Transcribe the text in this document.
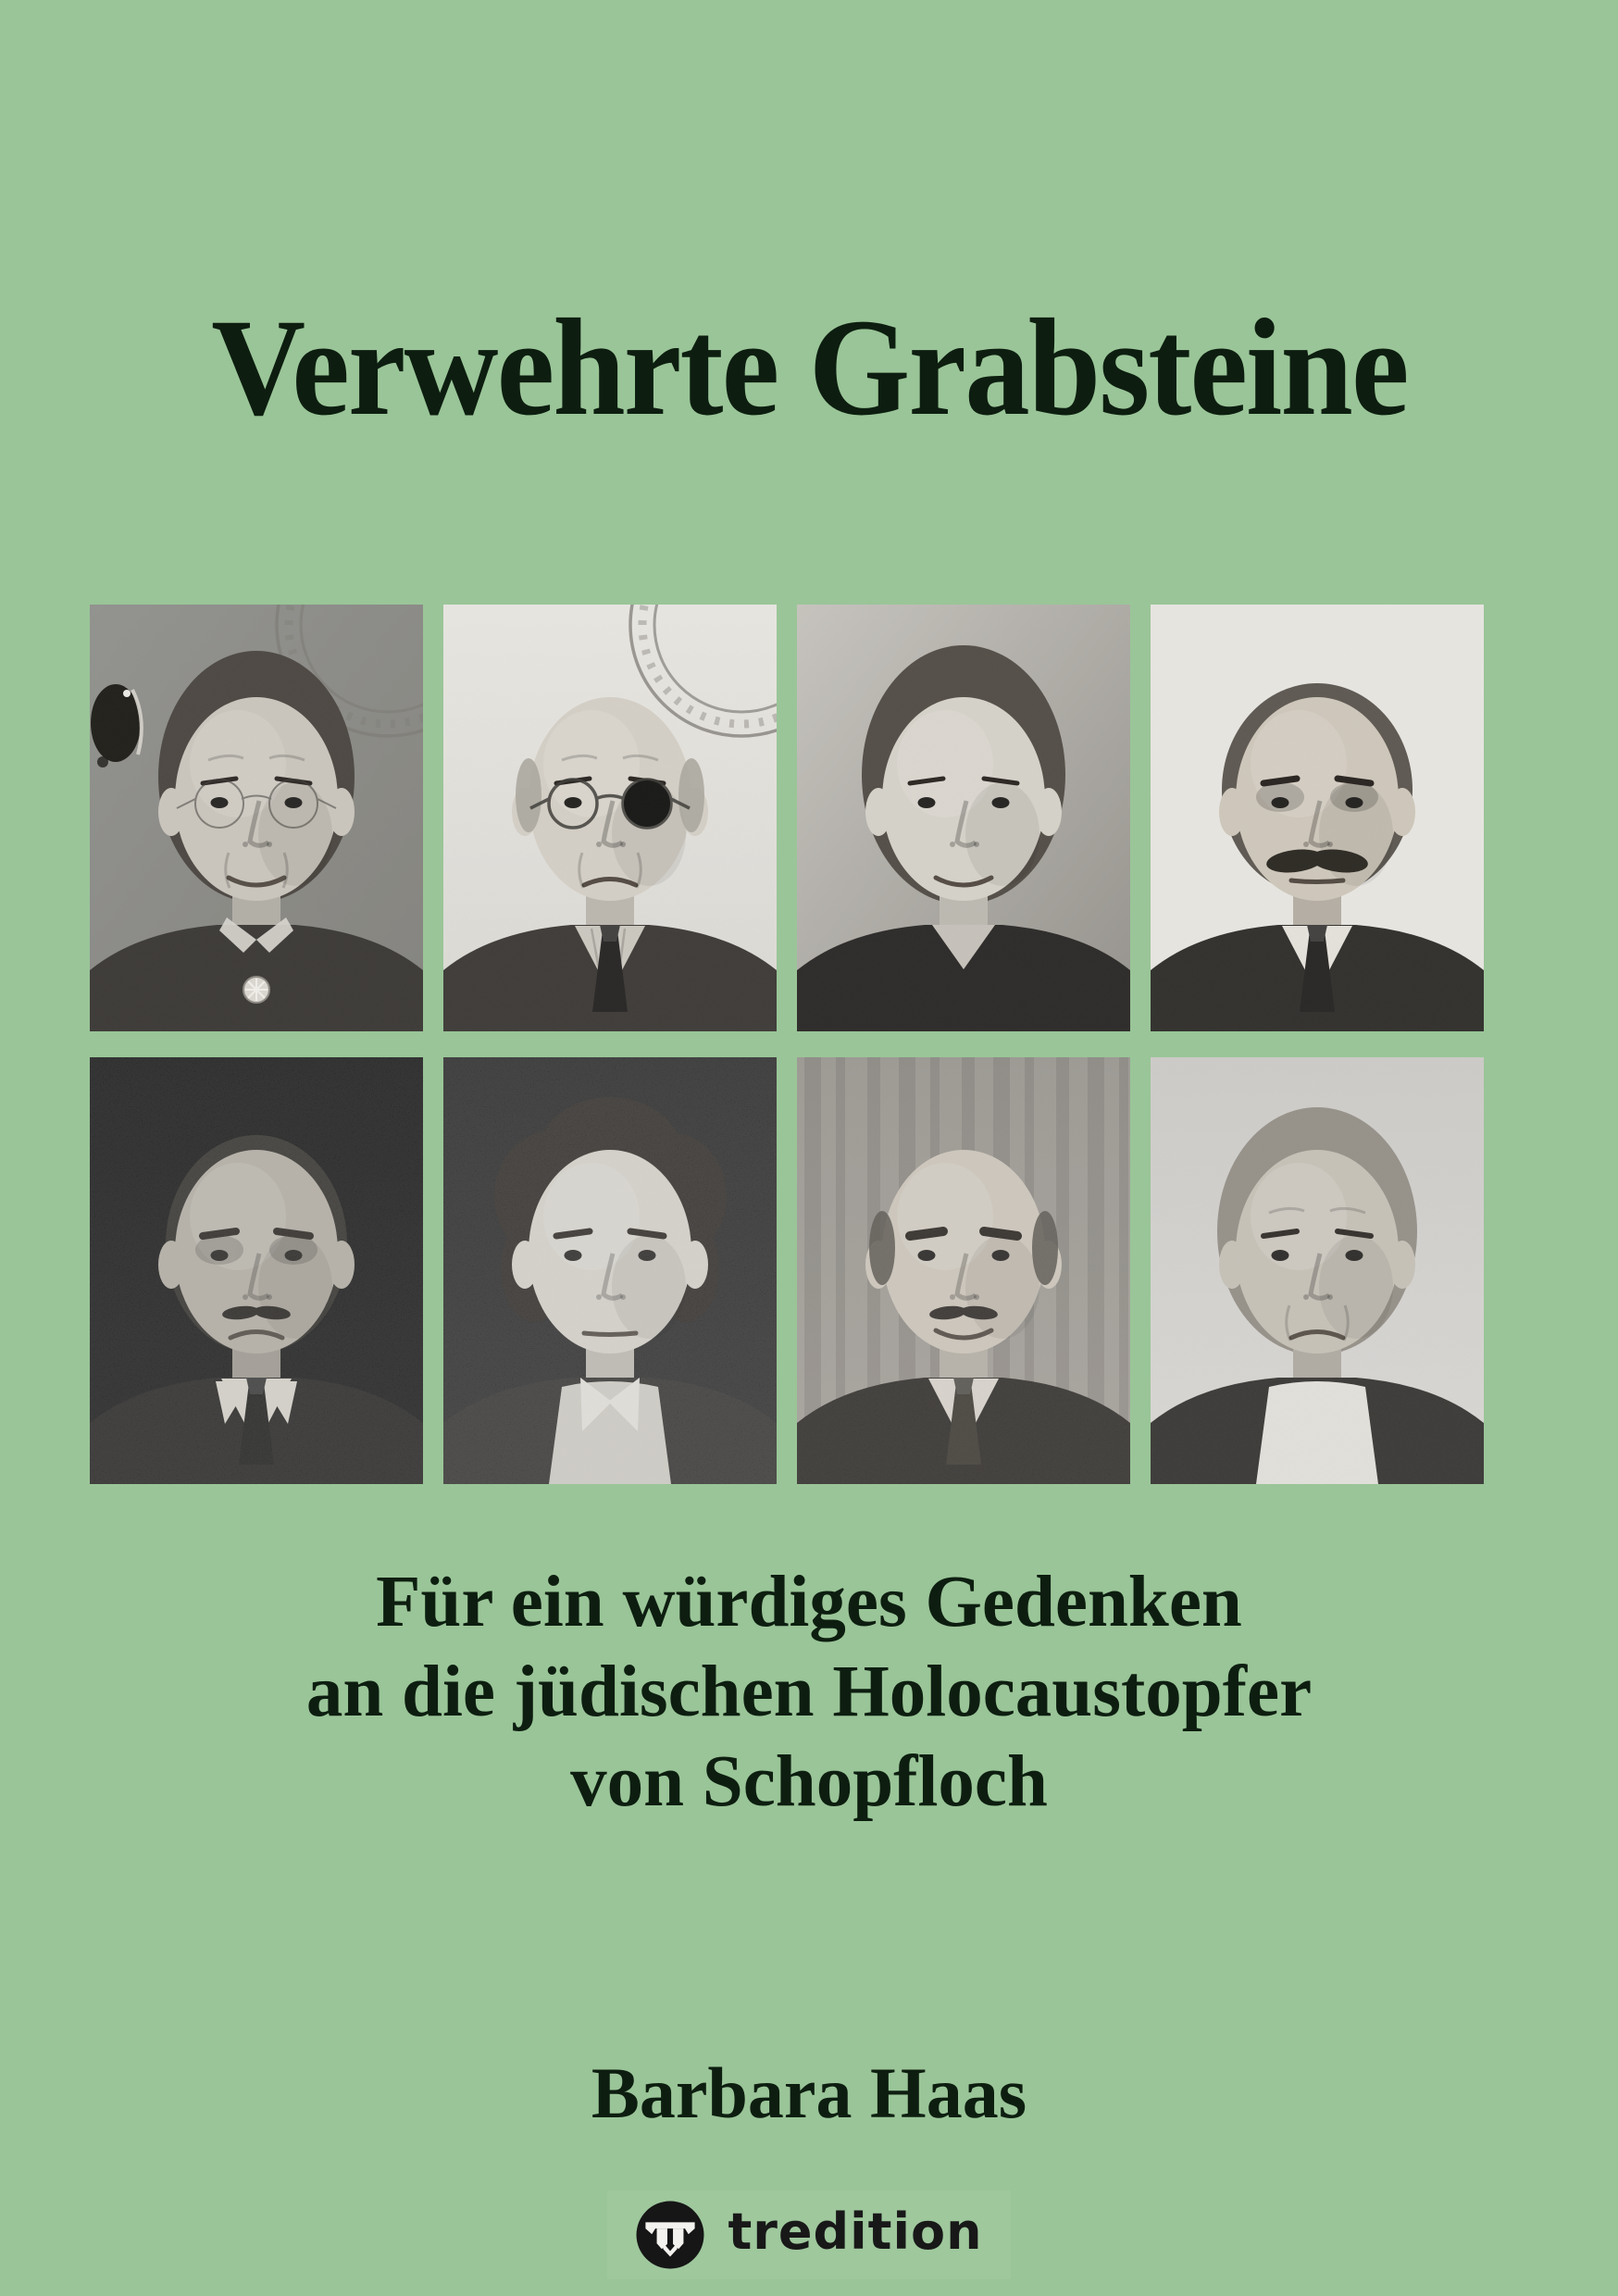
Verwehrte Grabsteine
Für ein würdiges Gedenken
an die jüdischen Holocaustopfer
von Schopfloch
Barbara Haas
tredition
